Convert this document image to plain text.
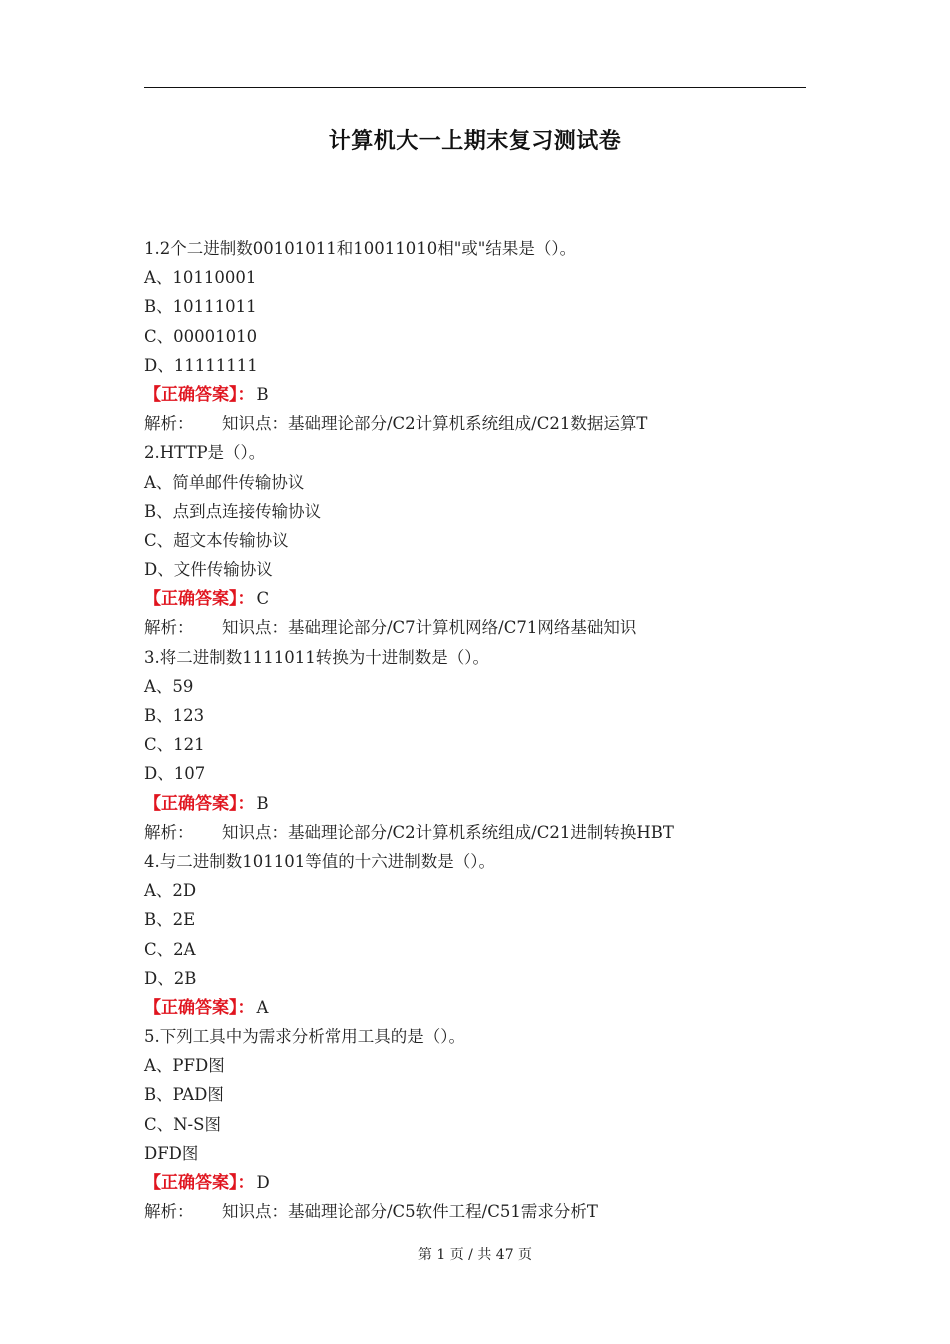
计算机大一上期末复习测试卷
1.2个二进制数00101011和10011010相"或"结果是（）。
A、10110001
B、10111011
C、00001010
D、11111111
【正确答案】： B
解析： 知识点：基础理论部分/C2计算机系统组成/C21数据运算T
2.HTTP是（）。
A、简单邮件传输协议
B、点到点连接传输协议
C、超文本传输协议
D、文件传输协议
【正确答案】： C
解析： 知识点：基础理论部分/C7计算机网络/C71网络基础知识
3.将二进制数1111011转换为十进制数是（）。
A、59
B、123
C、121
D、107
【正确答案】： B
解析： 知识点：基础理论部分/C2计算机系统组成/C21进制转换HBT
4.与二进制数101101等值的十六进制数是（）。
A、2D
B、2E
C、2A
D、2B
【正确答案】： A
5.下列工具中为需求分析常用工具的是（）。
A、PFD图
B、PAD图
C、N-S图
DFD图
【正确答案】： D
解析： 知识点：基础理论部分/C5软件工程/C51需求分析T
第 1 页 / 共 47 页
